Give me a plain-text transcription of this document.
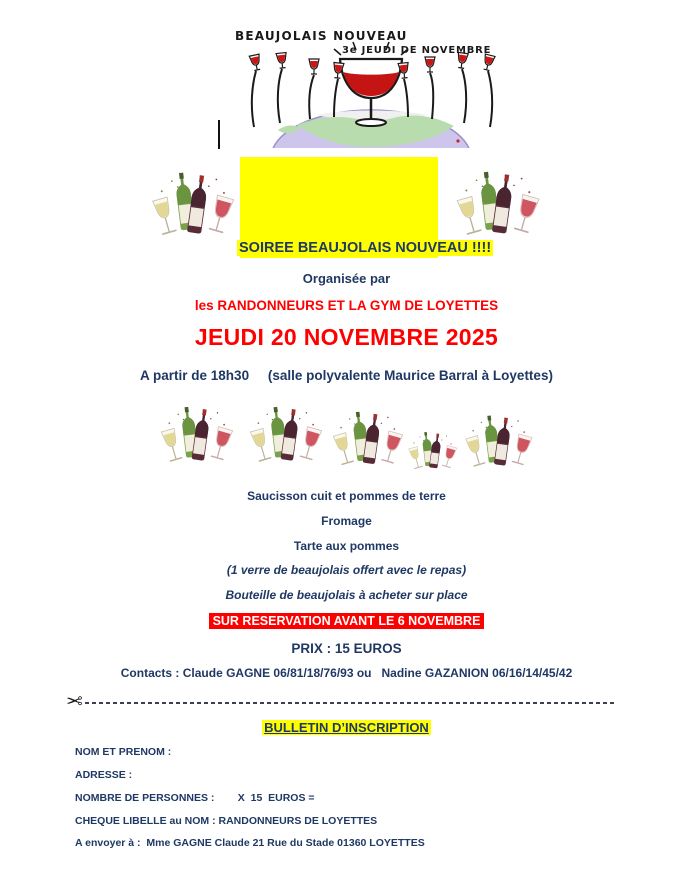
BEAUJOLAIS NOUVEAU
3e JEUDI DE NOVEMBRE
SOIREE BEAUJOLAIS NOUVEAU !!!!
Organisée par
les RANDONNEURS ET LA GYM DE LOYETTES
JEUDI 20 NOVEMBRE 2025
A partir de 18h30     (salle polyvalente Maurice Barral à Loyettes)
Saucisson cuit et pommes de terre
Fromage
Tarte aux pommes
(1 verre de beaujolais offert avec le repas)
Bouteille de beaujolais à acheter sur place
SUR RESERVATION AVANT LE 6 NOVEMBRE
PRIX : 15 EUROS
Contacts : Claude GAGNE 06/81/18/76/93 ou   Nadine GAZANION 06/16/14/45/42
✂
BULLETIN D’INSCRIPTION
NOM ET PRENOM :
ADRESSE :
NOMBRE DE PERSONNES :        X  15  EUROS =
CHEQUE LIBELLE au NOM : RANDONNEURS DE LOYETTES
A envoyer à :  Mme GAGNE Claude 21 Rue du Stade 01360 LOYETTES
